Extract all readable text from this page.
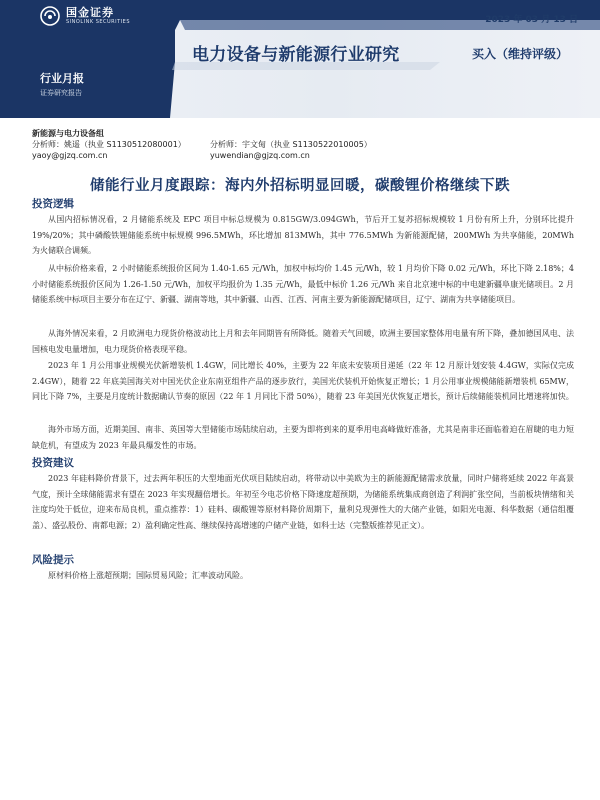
国金证券
SINOLINK SECURITIES	2023 年 03 月 13 日
电力设备与新能源行业研究	买入（维持评级）
行业月报
证券研究报告
新能源与电力设备组
分析师：姚遥（执业 S1130512080001）	分析师：宇文甸（执业 S1130522010005）
yaoy@gjzq.com.cn	yuwendian@gjzq.com.cn
储能行业月度跟踪：海内外招标明显回暖，碳酸锂价格继续下跌
投资逻辑

从国内招标情况看，2 月储能系统及 EPC 项目中标总规模为 0.815GW/3.094GWh，节后开工复苏招标规模较 1 月份有所上升，分别环比提升 19%/20%；其中磷酸铁锂储能系统中标规模 996.5MWh，环比增加 813MWh，其中 776.5MWh 为新能源配储，200MWh 为共享储能，20MWh 为火储联合调频。

从中标价格来看，2 小时储能系统报价区间为 1.40-1.65 元/Wh，加权中标均价 1.45 元/Wh，较 1 月均价下降 0.02 元/Wh，环比下降 2.18%；4 小时储能系统报价区间为 1.26-1.50 元/Wh，加权平均报价为 1.35 元/Wh，最低中标价 1.26 元/Wh 来自北京速中标的中电建新疆阜康光储项目。2 月储能系统中标项目主要分布在辽宁、新疆、湖南等地，其中新疆、山西、江西、河南主要为新能源配储项目，辽宁、湖南为共享储能项目。

从海外情况来看，2 月欧洲电力现货价格波动比上月和去年同期皆有所降低。随着天气回暖，欧洲主要国家整体用电量有所下降，叠加德国风电、法国核电发电量增加，电力现货价格表现平稳。

2023 年 1 月公用事业规模光伏新增装机 1.4GW，同比增长 40%，主要为 22 年底未安装项目递延（22 年 12 月原计划安装 4.4GW，实际仅完成 2.4GW），随着 22 年底美国海关对中国光伏企业东南亚组件产品的逐步放行，美国光伏装机开始恢复正增长；1 月公用事业规模储能新增装机 65MW，同比下降 7%，主要是月度统计数据确认节奏的原因（22 年 1 月同比下滑 50%），随着 23 年美国光伏恢复正增长，预计后续储能装机同比增速将加快。

海外市场方面，近期美国、南非、英国等大型储能市场陆续启动，主要为即将到来的夏季用电高峰做好准备，尤其是南非还面临着迫在眉睫的电力短缺危机，有望成为 2023 年最具爆发性的市场。

投资建议

2023 年硅料降价背景下，过去两年积压的大型地面光伏项目陆续启动，将带动以中美欧为主的新能源配储需求放量，同时户储将延续 2022 年高景气度，预计全球储能需求有望在 2023 年实现翻倍增长。年初至今电芯价格下降速度超预期，为储能系统集成商创造了利润扩张空间，当前板块情绪和关注度均处于低位，迎来布局良机，重点推荐：1）硅料、碳酸锂等原材料降价周期下，量利兑现弹性大的大储产业链，如阳光电源、科华数据（通信组覆盖）、盛弘股份、南都电源；2）盈利确定性高、继续保持高增速的户储产业链，如科士达（完整版推荐见正文）。

风险提示

原材料价格上涨超预期；国际贸易风险；汇率波动风险。
